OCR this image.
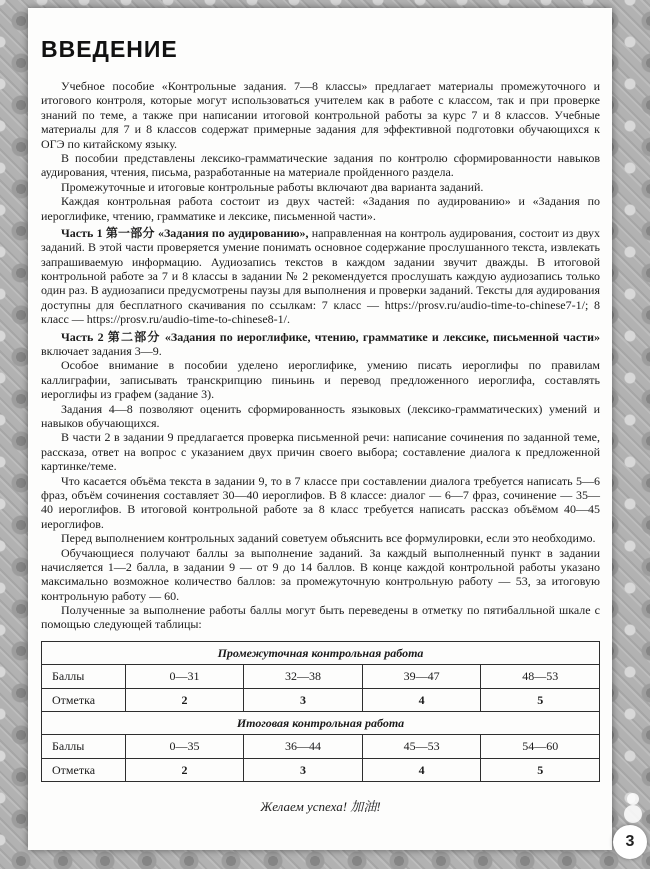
ВВЕДЕНИЕ

Учебное пособие «Контрольные задания. 7—8 классы» предлагает материалы промежуточного и итогового контроля, которые могут использоваться учителем как в работе с классом, так и при проверке знаний по теме, а также при написании итоговой контрольной работы за курс 7 и 8 классов. Учебные материалы для 7 и 8 классов содержат примерные задания для эффективной подготовки обучающихся к ОГЭ по китайскому языку.

В пособии представлены лексико-грамматические задания по контролю сформированности навыков аудирования, чтения, письма, разработанные на материале пройденного раздела.

Промежуточные и итоговые контрольные работы включают два варианта заданий.

Каждая контрольная работа состоит из двух частей: «Задания по аудированию» и «Задания по иероглифике, чтению, грамматике и лексике, письменной части».

Часть 1 第一部分 «Задания по аудированию», направленная на контроль аудирования, состоит из двух заданий. В этой части проверяется умение понимать основное содержание прослушанного текста, извлекать запрашиваемую информацию. Аудиозапись текстов в каждом задании звучит дважды. В итоговой контрольной работе за 7 и 8 классы в задании № 2 рекомендуется прослушать каждую аудиозапись только один раз. В аудиозаписи предусмотрены паузы для выполнения и проверки заданий. Тексты для аудирования доступны для бесплатного скачивания по ссылкам: 7 класс — https://prosv.ru/audio-time-to-chinese7-1/; 8 класс — https://prosv.ru/audio-time-to-chinese8-1/.

Часть 2 第二部分 «Задания по иероглифике, чтению, грамматике и лексике, письменной части» включает задания 3—9.

Особое внимание в пособии уделено иероглифике, умению писать иероглифы по правилам каллиграфии, записывать транскрипцию пиньинь и перевод предложенного иероглифа, составлять иероглифы из графем (задание 3).

Задания 4—8 позволяют оценить сформированность языковых (лексико-грамматических) умений и навыков обучающихся.

В части 2 в задании 9 предлагается проверка письменной речи: написание сочинения по заданной теме, рассказа, ответ на вопрос с указанием двух причин своего выбора; составление диалога к предложенной картинке/теме.

Что касается объёма текста в задании 9, то в 7 классе при составлении диалога требуется написать 5—6 фраз, объём сочинения составляет 30—40 иероглифов. В 8 классе: диалог — 6—7 фраз, сочинение — 35—40 иероглифов. В итоговой контрольной работе за 8 класс требуется написать рассказ объёмом 40—45 иероглифов.

Перед выполнением контрольных заданий советуем объяснить все формулировки, если это необходимо.

Обучающиеся получают баллы за выполнение заданий. За каждый выполненный пункт в задании начисляется 1—2 балла, в задании 9 — от 9 до 14 баллов. В конце каждой контрольной работы указано максимально возможное количество баллов: за промежуточную контрольную работу — 53, за итоговую контрольную работу — 60.

Полученные за выполнение работы баллы могут быть переведены в отметку по пятибалльной шкале с помощью следующей таблицы:

Промежуточная контрольная работа				
Баллы	0—31	32—38	39—47	48—53
Отметка	2	3	4	5
Итоговая контрольная работа				
Баллы	0—35	36—44	45—53	54—60
Отметка	2	3	4	5

Желаем успеха! 加油!

3
